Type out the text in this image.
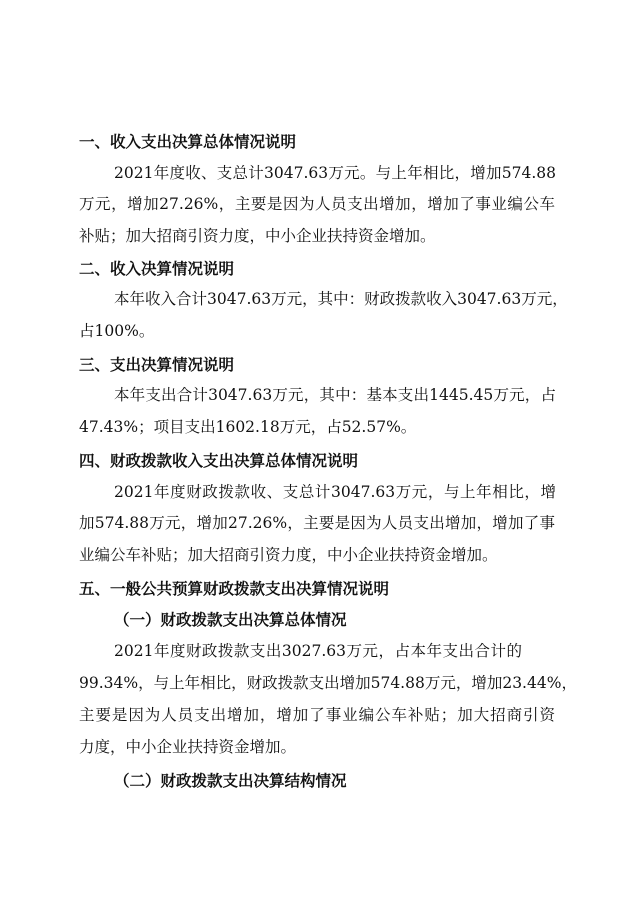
一、收入支出决算总体情况说明
2021年度收、支总计3047.63万元。与上年相比，增加574.88
万元，增加27.26%，主要是因为人员支出增加，增加了事业编公车
补贴；加大招商引资力度，中小企业扶持资金增加。
二、收入决算情况说明
本年收入合计3047.63万元，其中：财政拨款收入3047.63万元，
占100%。
三、支出决算情况说明
本年支出合计3047.63万元，其中：基本支出1445.45万元，占
47.43%；项目支出1602.18万元，占52.57%。
四、财政拨款收入支出决算总体情况说明
2021年度财政拨款收、支总计3047.63万元，与上年相比，增
加574.88万元，增加27.26%，主要是因为人员支出增加，增加了事
业编公车补贴；加大招商引资力度，中小企业扶持资金增加。
五、一般公共预算财政拨款支出决算情况说明
（一）财政拨款支出决算总体情况
2021年度财政拨款支出3027.63万元，占本年支出合计的
99.34%，与上年相比，财政拨款支出增加574.88万元，增加23.44%，
主要是因为人员支出增加，增加了事业编公车补贴；加大招商引资
力度，中小企业扶持资金增加。
（二）财政拨款支出决算结构情况
